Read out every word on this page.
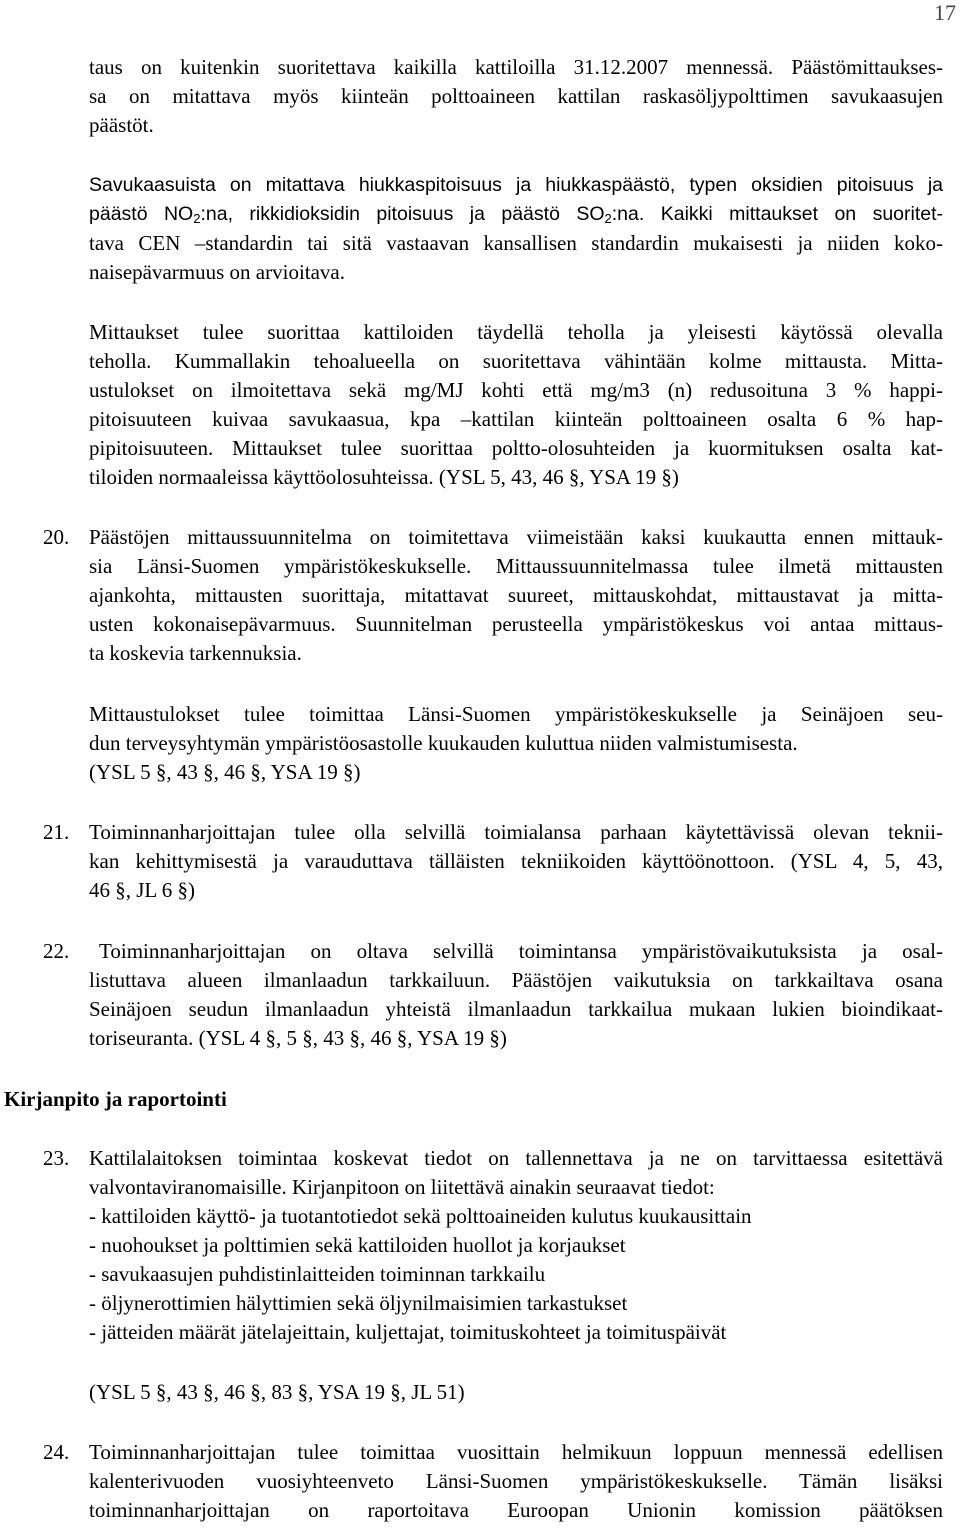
17
taus on kuitenkin suoritettava kaikilla kattiloilla 31.12.2007 mennessä. Päästömittaukses-
sa on mitattava myös kiinteän polttoaineen kattilan raskasöljypolttimen savukaasujen
päästöt.
Savukaasuista on mitattava hiukkaspitoisuus ja hiukkaspäästö, typen oksidien pitoisuus ja
päästö $NO_2:na$, rikkidioksidin pitoisuus ja päästö $SO_2:na$. Kaikki mittaukset on suoritet-
tava CEN –standardin tai sitä vastaavan kansallisen standardin mukaisesti ja niiden koko-
naisepävarmuus on arvioitava.
Mittaukset tulee suorittaa kattiloiden täydellä teholla ja yleisesti käytössä olevalla
teholla. Kummallakin tehoalueella on suoritettava vähintään kolme mittausta. Mitta-
ustulokset on ilmoitettava sekä mg/MJ kohti että mg/m3 (n) redusoituna 3 % happi-
pitoisuuteen kuivaa savukaasua, kpa –kattilan kiinteän polttoaineen osalta 6 % hap-
pipitoisuuteen. Mittaukset tulee suorittaa poltto-olosuhteiden ja kuormituksen osalta kat-
tiloiden normaaleissa käyttöolosuhteissa. (YSL 5, 43, 46 §, YSA 19 §)
20. Päästöjen mittaussuunnitelma on toimitettava viimeistään kaksi kuukautta ennen mittauk-
sia Länsi-Suomen ympäristökeskukselle. Mittaussuunnitelmassa tulee ilmetä mittausten
ajankohta, mittausten suorittaja, mitattavat suureet, mittauskohdat, mittaustavat ja mitta-
usten kokonaisepävarmuus. Suunnitelman perusteella ympäristökeskus voi antaa mittaus-
ta koskevia tarkennuksia.
Mittaustulokset tulee toimittaa Länsi-Suomen ympäristökeskukselle ja Seinäjoen seu-
dun terveysyhtymän ympäristöosastolle kuukauden kuluttua niiden valmistumisesta.
(YSL 5 §, 43 §, 46 §, YSA 19 §)
21. Toiminnanharjoittajan tulee olla selvillä toimialansa parhaan käytettävissä olevan teknii-
kan kehittymisestä ja varauduttava tälläisten tekniikoiden käyttöönottoon. (YSL 4, 5, 43,
46 §, JL 6 §)
22. Toiminnanharjoittajan on oltava selvillä toimintansa ympäristövaikutuksista ja osal-
listuttava alueen ilmanlaadun tarkkailuun. Päästöjen vaikutuksia on tarkkailtava osana
Seinäjoen seudun ilmanlaadun yhteistä ilmanlaadun tarkkailua mukaan lukien bioindikaat-
toriseuranta. (YSL 4 §, 5 §, 43 §, 46 §, YSA 19 §)
Kirjanpito ja raportointi
23. Kattilalaitoksen toimintaa koskevat tiedot on tallennettava ja ne on tarvittaessa esitettävä
valvontaviranomaisille. Kirjanpitoon on liitettävä ainakin seuraavat tiedot:
- kattiloiden käyttö- ja tuotantotiedot sekä polttoaineiden kulutus kuukausittain
- nuohoukset ja polttimien sekä kattiloiden huollot ja korjaukset
- savukaasujen puhdistinlaitteiden toiminnan tarkkailu
- öljynerottimien hälyttimien sekä öljynilmaisimien tarkastukset
- jätteiden määrät jätelajeittain, kuljettajat, toimituskohteet ja toimituspäivät
(YSL 5 §, 43 §, 46 §, 83 §, YSA 19 §, JL 51)
24. Toiminnanharjoittajan tulee toimittaa vuosittain helmikuun loppuun mennessä edellisen
kalenterivuoden vuosiyhteenveto Länsi-Suomen ympäristökeskukselle. Tämän lisäksi
toiminnanharjoittajan on raportoitava Euroopan Unionin komission päätöksen
